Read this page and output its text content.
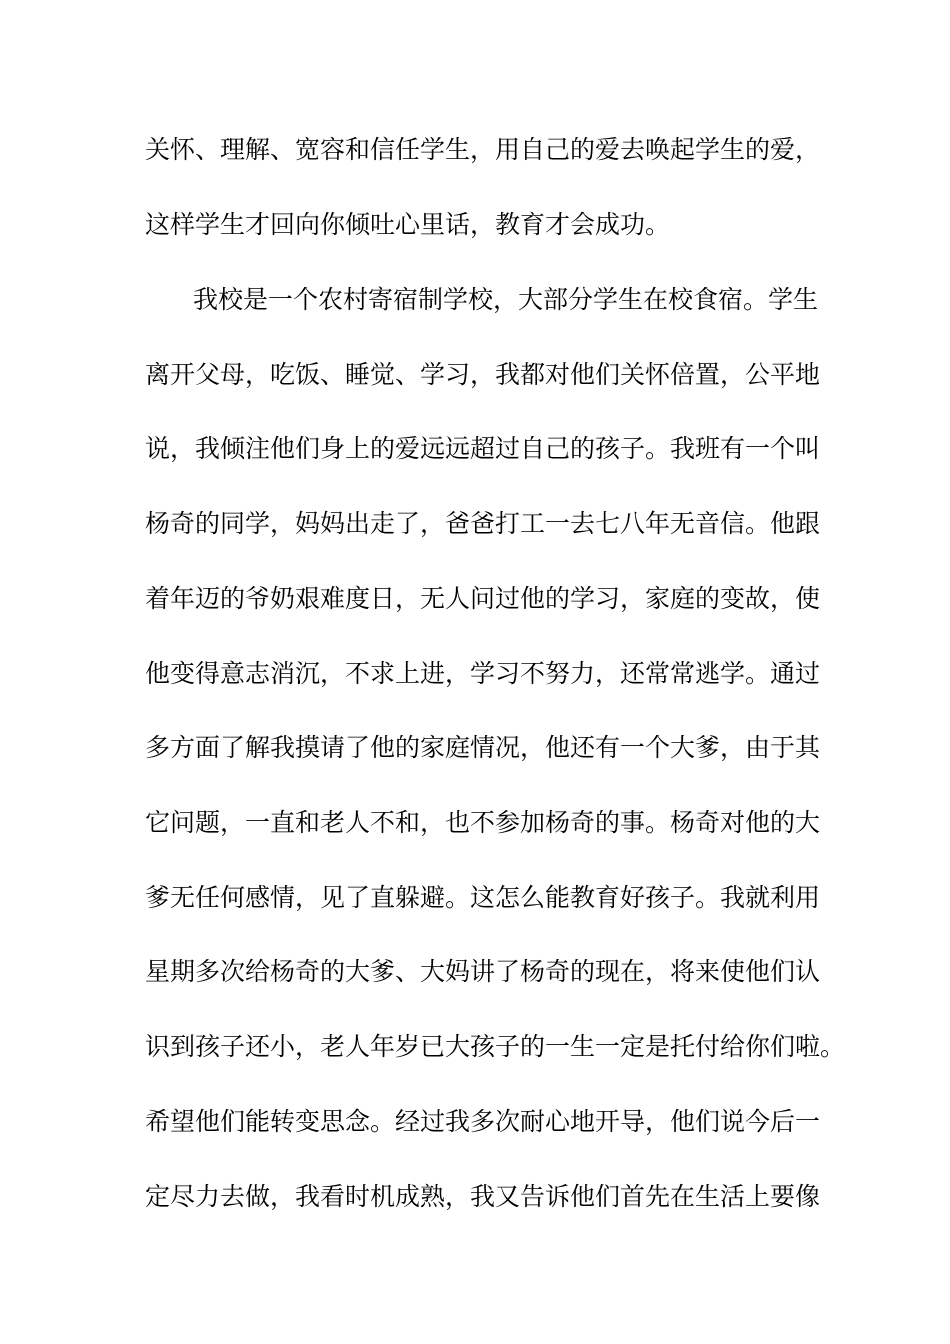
关怀、理解、宽容和信任学生，用自己的爱去唤起学生的爱，
这样学生才回向你倾吐心里话，教育才会成功。
我校是一个农村寄宿制学校，大部分学生在校食宿。学生
离开父母，吃饭、睡觉、学习，我都对他们关怀倍置，公平地
说，我倾注他们身上的爱远远超过自己的孩子。我班有一个叫
杨奇的同学，妈妈出走了，爸爸打工一去七八年无音信。他跟
着年迈的爷奶艰难度日，无人问过他的学习，家庭的变故，使
他变得意志消沉，不求上进，学习不努力，还常常逃学。通过
多方面了解我摸请了他的家庭情况，他还有一个大爹，由于其
它问题，一直和老人不和，也不参加杨奇的事。杨奇对他的大
爹无任何感情，见了直躲避。这怎么能教育好孩子。我就利用
星期多次给杨奇的大爹、大妈讲了杨奇的现在，将来使他们认
识到孩子还小，老人年岁已大孩子的一生一定是托付给你们啦。
希望他们能转变思念。经过我多次耐心地开导，他们说今后一
定尽力去做，我看时机成熟，我又告诉他们首先在生活上要像
